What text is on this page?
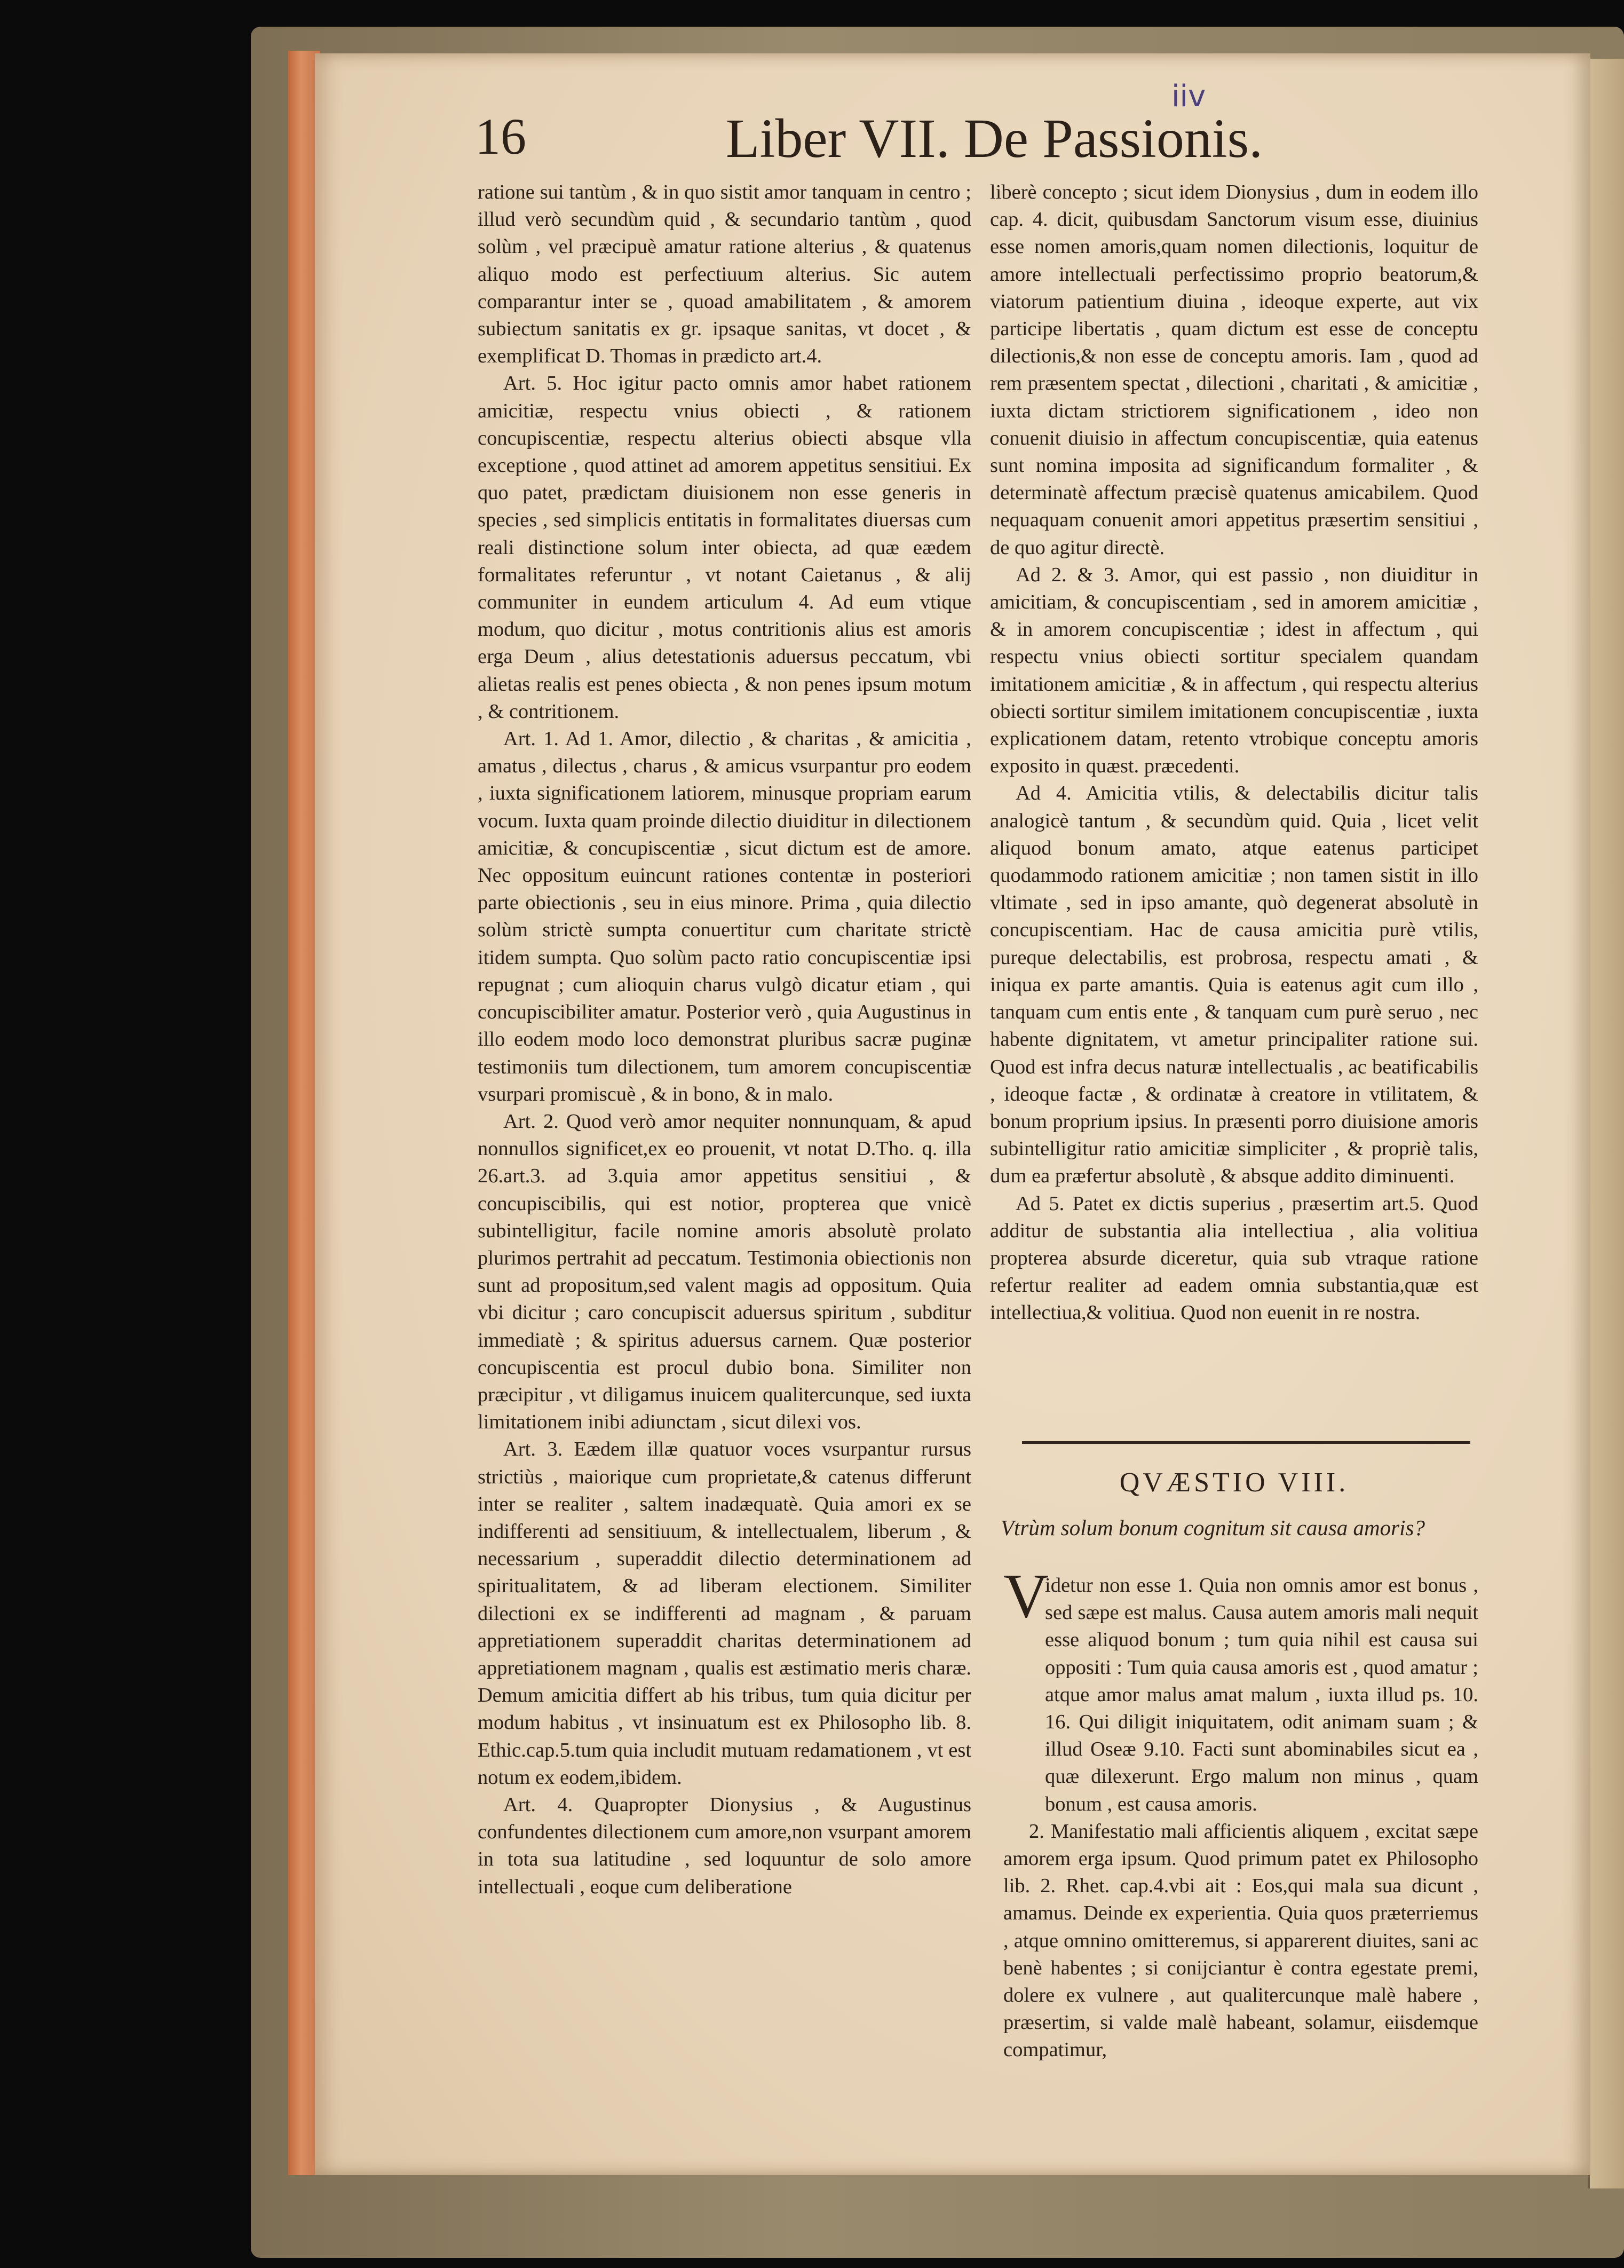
16	Liber VII. De Passionis.
iiv

ratione sui tantùm , & in quo sistit amor tanquam in centro ; illud verò secundùm quid , & secundario tantùm , quod solùm , vel præcipuè amatur ratione alterius , & quatenus aliquo modo est perfectiuum alterius. Sic autem comparantur inter se , quoad amabilitatem , & amorem subiectum sanitatis ex gr. ipsaque sanitas, vt docet , & exemplificat D. Thomas in prædicto art.4.

Art. 5. Hoc igitur pacto omnis amor habet rationem amicitiæ, respectu vnius obiecti , & rationem concupiscentiæ, respectu alterius obiecti absque vlla exceptione , quod attinet ad amorem appetitus sensitiui. Ex quo patet, prædictam diuisionem non esse generis in species , sed simplicis entitatis in formalitates diuersas cum reali distinctione solum inter obiecta, ad quæ eædem formalitates referuntur , vt notant Caietanus , & alij communiter in eundem articulum 4. Ad eum vtique modum, quo dicitur , motus contritionis alius est amoris erga Deum , alius detestationis aduersus peccatum, vbi alietas realis est penes obiecta , & non penes ipsum motum , & contritionem.

Art. 1. Ad 1. Amor, dilectio , & charitas , & amicitia , amatus , dilectus , charus , & amicus vsurpantur pro eodem , iuxta significationem latiorem, minusque propriam earum vocum. Iuxta quam proinde dilectio diuiditur in dilectionem amicitiæ, & concupiscentiæ , sicut dictum est de amore. Nec oppositum euincunt rationes contentæ in posteriori parte obiectionis , seu in eius minore. Prima , quia dilectio solùm strictè sumpta conuertitur cum charitate strictè itidem sumpta. Quo solùm pacto ratio concupiscentiæ ipsi repugnat ; cum alioquin charus vulgò dicatur etiam , qui concupiscibiliter amatur. Posterior verò , quia Augustinus in illo eodem modo loco demonstrat pluribus sacræ puginæ testimoniis tum dilectionem, tum amorem concupiscentiæ vsurpari promiscuè , & in bono, & in malo.

Art. 2. Quod verò amor nequiter nonnunquam, & apud nonnullos significet,ex eo prouenit, vt notat D.Tho. q. illa 26.art.3. ad 3.quia amor appetitus sensitiui , & concupiscibilis, qui est notior, propterea que vnicè subintelligitur, facile nomine amoris absolutè prolato plurimos pertrahit ad peccatum. Testimonia obiectionis non sunt ad propositum,sed valent magis ad oppositum. Quia vbi dicitur ; caro concupiscit aduersus spiritum , subditur immediatè ; & spiritus aduersus carnem. Quæ posterior concupiscentia est procul dubio bona. Similiter non præcipitur , vt diligamus inuicem qualitercunque, sed iuxta limitationem inibi adiunctam , sicut dilexi vos.

Art. 3. Eædem illæ quatuor voces vsurpantur rursus strictiùs , maiorique cum proprietate,& catenus differunt inter se realiter , saltem inadæquatè. Quia amori ex se indifferenti ad sensitiuum, & intellectualem, liberum , & necessarium , superaddit dilectio determinationem ad spiritualitatem, & ad liberam electionem. Similiter dilectioni ex se indifferenti ad magnam , & paruam appretiationem superaddit charitas determinationem ad appretiationem magnam , qualis est æstimatio meris charæ. Demum amicitia differt ab his tribus, tum quia dicitur per modum habitus , vt insinuatum est ex Philosopho lib. 8. Ethic.cap.5.tum quia includit mutuam redamationem , vt est notum ex eodem,ibidem.

Art. 4. Quapropter Dionysius , & Augustinus confundentes dilectionem cum amore,non vsurpant amorem in tota sua latitudine , sed loquuntur de solo amore intellectuali , eoque cum deliberatione

liberè concepto ; sicut idem Dionysius , dum in eodem illo cap. 4. dicit, quibusdam Sanctorum visum esse, diuinius esse nomen amoris,quam nomen dilectionis, loquitur de amore intellectuali perfectissimo proprio beatorum,& viatorum patientium diuina , ideoque experte, aut vix participe libertatis , quam dictum est esse de conceptu dilectionis,& non esse de conceptu amoris. Iam , quod ad rem præsentem spectat , dilectioni , charitati , & amicitiæ , iuxta dictam strictiorem significationem , ideo non conuenit diuisio in affectum concupiscentiæ, quia eatenus sunt nomina imposita ad significandum formaliter , & determinatè affectum præcisè quatenus amicabilem. Quod nequaquam conuenit amori appetitus præsertim sensitiui , de quo agitur directè.

Ad 2. & 3. Amor, qui est passio , non diuiditur in amicitiam, & concupiscentiam , sed in amorem amicitiæ , & in amorem concupiscentiæ ; idest in affectum , qui respectu vnius obiecti sortitur specialem quandam imitationem amicitiæ , & in affectum , qui respectu alterius obiecti sortitur similem imitationem concupiscentiæ , iuxta explicationem datam, retento vtrobique conceptu amoris exposito in quæst. præcedenti.

Ad 4. Amicitia vtilis, & delectabilis dicitur talis analogicè tantum , & secundùm quid. Quia , licet velit aliquod bonum amato, atque eatenus participet quodammodo rationem amicitiæ ; non tamen sistit in illo vltimate , sed in ipso amante, quò degenerat absolutè in concupiscentiam. Hac de causa amicitia purè vtilis, pureque delectabilis, est probrosa, respectu amati , & iniqua ex parte amantis. Quia is eatenus agit cum illo , tanquam cum entis ente , & tanquam cum purè seruo , nec habente dignitatem, vt ametur principaliter ratione sui. Quod est infra decus naturæ intellectualis , ac beatificabilis , ideoque factæ , & ordinatæ à creatore in vtilitatem, & bonum proprium ipsius. In præsenti porro diuisione amoris subintelligitur ratio amicitiæ simpliciter , & propriè talis, dum ea præfertur absolutè , & absque addito diminuenti.

Ad 5. Patet ex dictis superius , præsertim art.5. Quod additur de substantia alia intellectiua , alia volitiua propterea absurde diceretur, quia sub vtraque ratione refertur realiter ad eadem omnia substantia,quæ est intellectiua,& volitiua. Quod non euenit in re nostra.

QVÆSTIO VIII.
Vtrùm solum bonum cognitum sit causa amoris?
V

idetur non esse 1. Quia non omnis amor est bonus , sed sæpe est malus. Causa autem amoris mali nequit esse aliquod bonum ; tum quia nihil est causa sui oppositi : Tum quia causa amoris est , quod amatur ; atque amor malus amat malum , iuxta illud ps. 10. 16. Qui diligit iniquitatem, odit animam suam ; & illud Oseæ 9.10. Facti sunt abominabiles sicut ea , quæ dilexerunt. Ergo malum non minus , quam bonum , est causa amoris.

2. Manifestatio mali afficientis aliquem , excitat sæpe amorem erga ipsum. Quod primum patet ex Philosopho lib. 2. Rhet. cap.4.vbi ait : Eos,qui mala sua dicunt , amamus. Deinde ex experientia. Quia quos præterriemus , atque omnino omitteremus, si apparerent diuites, sani ac benè habentes ; si conijciantur è contra egestate premi, dolere ex vulnere , aut qualitercunque malè habere , præsertim, si valde malè habeant, solamur, eiisdemque compatimur,
